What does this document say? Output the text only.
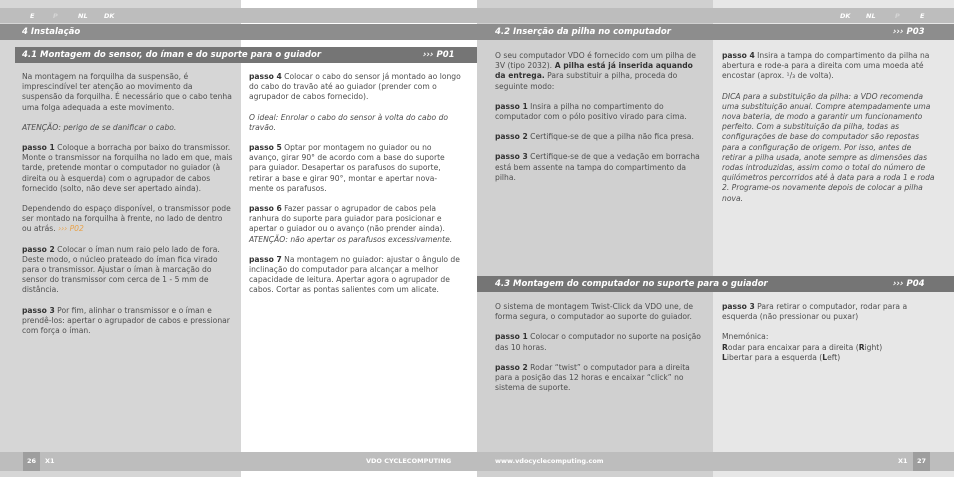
E	P	NL	DK
4 Instalação
4.1 Montagem do sensor, do íman e do suporte para o guiador	››› P01

Na montagem na forquilha da suspensão, é imprescindível ter atenção ao movimento da suspensão da forquilha. É necessário que o cabo tenha uma folga adequada a este movimento.

ATENÇÃO: perigo de se danificar o cabo.

passo 1 Coloque a borracha por baixo do transmissor. Monte o transmissor na forquilha no lado em que, mais tarde, pretende montar o computador no guiador (à direita ou à esquerda) com o agrupador de cabos fornecido (solto, não deve ser apertado ainda).

Dependendo do espaço disponível, o transmissor pode ser montado na forquilha à frente, no lado de dentro ou atrás. ››› P02

passo 2 Colocar o íman num raio pelo lado de fora. Deste modo, o núcleo prateado do íman fica virado para o transmissor. Ajustar o íman à marcação do sensor do transmissor com cerca de 1 - 5 mm de distância.

passo 3 Por fim, alinhar o transmissor e o íman e prendê-los: apertar o agrupador de cabos e pressionar com força o íman.

passo 4 Colocar o cabo do sensor já montado ao longo do cabo do travão até ao guiador (prender com o agrupador de cabos fornecido).

O ideal: Enrolar o cabo do sensor à volta do cabo do travão.

passo 5 Optar por montagem no guiador ou no avanço, girar 90° de acordo com a base do suporte para guiador. Desapertar os parafusos do suporte, retirar a base e girar 90°, montar e apertar nova-mente os parafusos.

passo 6 Fazer passar o agrupador de cabos pela ranhura do suporte para guiador para posicionar e apertar o guiador ou o avanço (não prender ainda).
ATENÇÃO: não apertar os parafusos excessivamente.

passo 7 Na montagem no guiador: ajustar o ângulo de inclinação do computador para alcançar a melhor capacidade de leitura. Apertar agora o agrupador de cabos. Cortar as pontas salientes com um alicate.

26	X1	VDO CYCLECOMPUTING
DK NL	P	E
4.2 Inserção da pilha no computador	››› P03

O seu computador VDO é fornecido com um pilha de 3V (tipo 2032). A pilha está já inserida aquando da entrega. Para substituir a pilha, proceda do seguinte modo:

passo 1 Insira a pilha no compartimento do computador com o pólo positivo virado para cima.

passo 2 Certifique-se de que a pilha não fica presa.

passo 3 Certifique-se de que a vedação em borracha está bem assente na tampa do compartimento da pilha.

passo 4 Insira a tampa do compartimento da pilha na abertura e rode-a para a direita com uma moeda até encostar (aprox. ¹/₃ de volta).

DICA para a substituição da pilha: a VDO recomenda uma substituição anual. Compre atempadamente uma nova bateria, de modo a garantir um funcionamento perfeito. Com a substituição da pilha, todas as configurações de base do computador são repostas para a configuração de origem. Por isso, antes de retirar a pilha usada, anote sempre as dimensões das rodas introduzidas, assim como o total do número de quilómetros percorridos até à data para a roda 1 e roda 2. Programe-os novamente depois de colocar a pilha nova.

4.3 Montagem do computador no suporte para o guiador	››› P04

O sistema de montagem Twist-Click da VDO une, de forma segura, o computador ao suporte do guiador.

passo 1 Colocar o computador no suporte na posição das 10 horas.

passo 2 Rodar “twist” o computador para a direita para a posição das 12 horas e encaixar “click” no sistema de suporte.

passo 3 Para retirar o computador, rodar para a esquerda (não pressionar ou puxar)

Mnemónica:

Rodar para encaixar para a direita (Right)

Libertar para a esquerda (Left)

www.vdocyclecomputing.com	X1	27
